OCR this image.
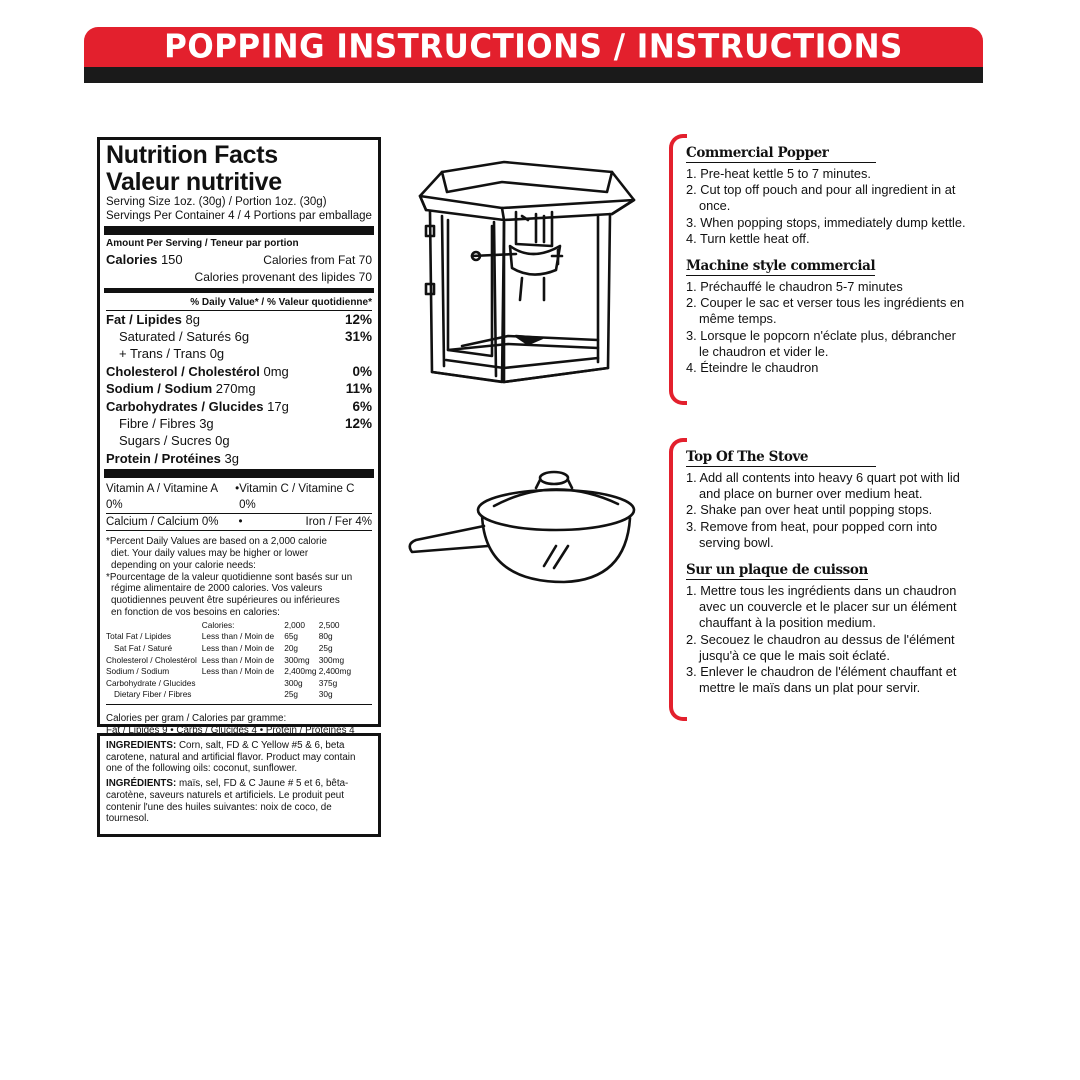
POPPING INSTRUCTIONS / INSTRUCTIONS
Nutrition Facts
Valeur nutritive
Serving Size 1oz. (30g) / Portion 1oz. (30g)
Servings Per Container 4 / 4 Portions par emballage
Amount Per Serving / Teneur par portion
Calories 150	Calories from Fat 70
Calories provenant des lipides 70
% Daily Value* / % Valeur quotidienne*
Fat / Lipides 8g	12%
Saturated / Saturés 6g	31%
+ Trans / Trans 0g
Cholesterol / Cholestérol 0mg	0%
Sodium / Sodium 270mg	11%
Carbohydrates / Glucides 17g	6%
Fibre / Fibres 3g	12%
Sugars / Sucres 0g
Protein / Protéines 3g
Vitamin A / Vitamine A 0%
• Vitamin C / Vitamine C 0%
Calcium / Calcium 0%	•	Iron / Fer 4%

*Percent Daily Values are based on a 2,000 calorie

diet. Your daily values may be higher or lower

depending on your calorie needs:

*Pourcentage de la valeur quotidienne sont basés sur un

régime alimentaire de 2000 calories. Vos valeurs

quotidiennes peuvent être supérieures ou inférieures

en fonction de vos besoins en calories:

	Calories:	2,000	2,500
Total Fat / Lipides	Less than / Moin de	65g	80g
Sat Fat / Saturé	Less than / Moin de	20g	25g
Cholesterol / Cholestérol	Less than / Moin de	300mg	300mg
Sodium / Sodium	Less than / Moin de	2,400mg	2,400mg
Carbohydrate / Glucides		300g	375g
Dietary Fiber / Fibres		25g	30g

Calories per gram / Calories par gramme:

Fat / Lipides 9 • Carbs / Glucides 4 • Protein / Protéines 4

INGREDIENTS: Corn, salt, FD & C Yellow #5 & 6, beta carotene, natural and artificial flavor. Product may contain one of the following oils: coconut, sunflower.

INGRÉDIENTS: maïs, sel, FD & C Jaune # 5 et 6, bêta-carotène, saveurs naturels et artificiels. Le produit peut contenir l'une des huiles suivantes: noix de coco, de tournesol.

Commercial Popper
1. Pre-heat kettle 5 to 7 minutes.
2. Cut top off pouch and pour all ingredient in at once.
3. When popping stops, immediately dump kettle.
4. Turn kettle heat off.
Machine style commercial
1. Préchauffé le chaudron 5-7 minutes
2. Couper le sac et verser tous les ingrédients en même temps.
3. Lorsque le popcorn n'éclate plus, débrancher le chaudron et vider le.
4. Éteindre le chaudron
Top Of The Stove
1. Add all contents into heavy 6 quart pot with lid and place on burner over medium heat.
2. Shake pan over heat until popping stops.
3. Remove from heat, pour popped corn into serving bowl.
Sur un plaque de cuisson
1. Mettre tous les ingrédients dans un chaudron avec un couvercle et le placer sur un élément chauffant à la position medium.
2. Secouez le chaudron au dessus de l'élément jusqu'à ce que le mais soit éclaté.
3. Enlever le chaudron de l'élément chauffant et mettre le maïs dans un plat pour servir.
